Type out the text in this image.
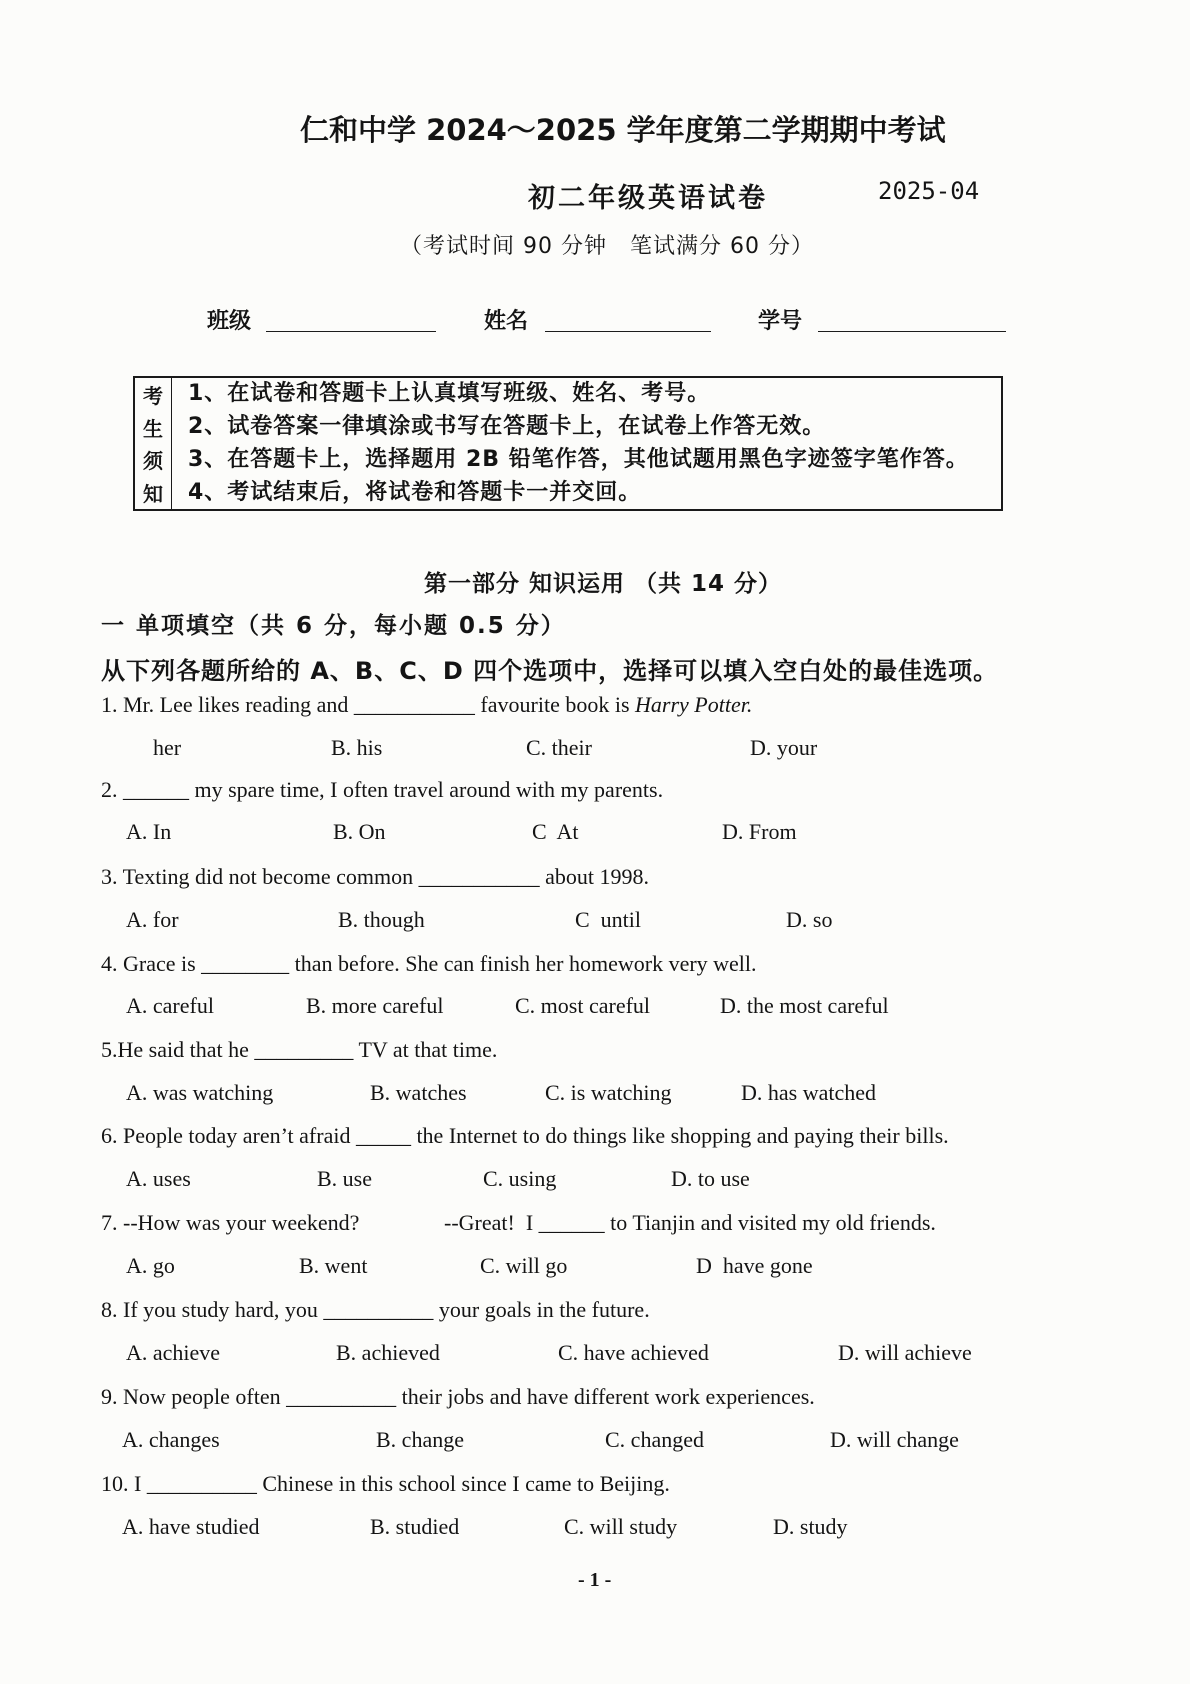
仁和中学 2024～2025 学年度第二学期期中考试
初二年级英语试卷	2025-04
（考试时间 90 分钟　笔试满分 60 分）
班级	姓名	学号
考
生
须
知
1、在试卷和答题卡上认真填写班级、姓名、考号。
2、试卷答案一律填涂或书写在答题卡上，在试卷上作答无效。
3、在答题卡上，选择题用 2B 铅笔作答，其他试题用黑色字迹签字笔作答。
4、考试结束后，将试卷和答题卡一并交回。
第一部分 知识运用 （共 14 分）
一 单项填空（共 6 分，每小题 0.5 分）
从下列各题所给的 A、B、C、D 四个选项中，选择可以填入空白处的最佳选项。
1. Mr. Lee likes reading and ___________ favourite book is Harry Potter.
her	B. his	C. their	D. your
2. ______ my spare time, I often travel around with my parents.
A. In	B. On	C  At	D. From
3. Texting did not become common ___________ about 1998.
A. for	B. though	C  until	D. so
4. Grace is ________ than before. She can finish her homework very well.
A. careful	B. more careful	C. most careful	D. the most careful
5.He said that he _________ TV at that time.
A. was watching	B. watches	C. is watching	D. has watched
6. People today aren’t afraid _____ the Internet to do things like shopping and paying their bills.
A. uses	B. use	C. using	D. to use
7. --How was your weekend?	--Great!  I ______ to Tianjin and visited my old friends.
A. go	B. went	C. will go	D  have gone
8. If you study hard, you __________ your goals in the future.
A. achieve	B. achieved	C. have achieved	D. will achieve
9. Now people often __________ their jobs and have different work experiences.
A. changes	B. change	C. changed	D. will change
10. I __________ Chinese in this school since I came to Beijing.
A. have studied	B. studied	C. will study	D. study
- 1 -
